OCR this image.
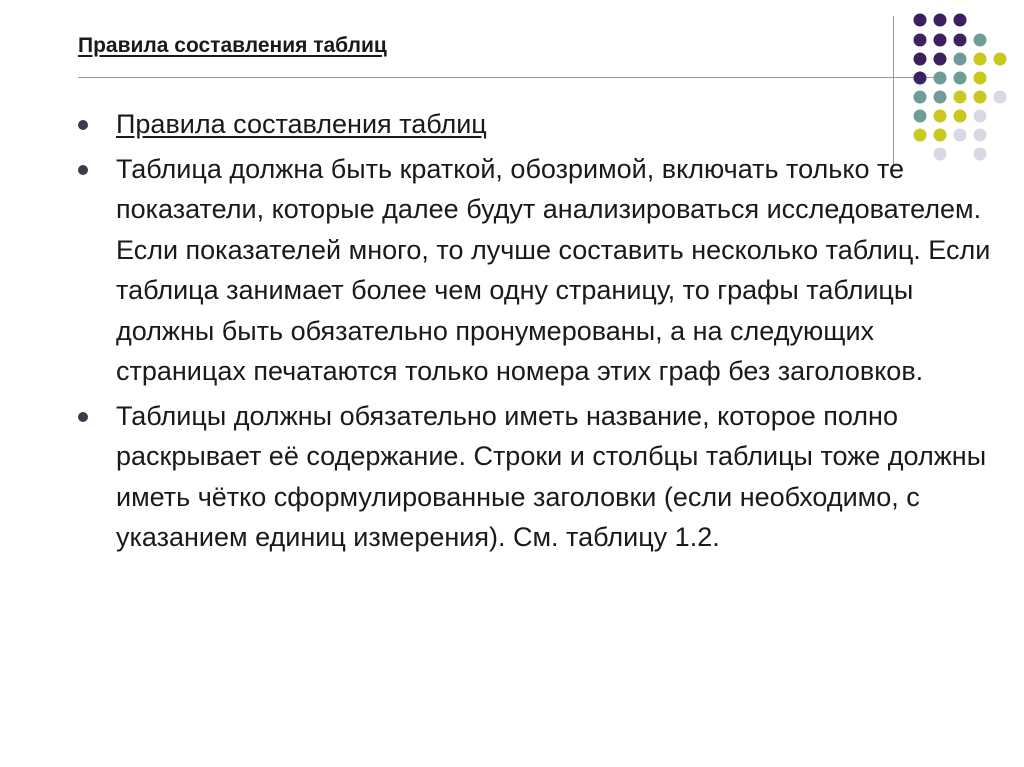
Правила составления таблиц
Правила составления таблиц
Таблица должна быть краткой, обозримой, включать только те показатели, которые далее будут анализироваться исследователем. Если показателей много, то лучше составить несколько таблиц. Если таблица занимает более чем одну страницу, то графы таблицы должны быть обязательно пронумерованы, а на следующих страницах печатаются только номера этих граф без заголовков.
Таблицы должны обязательно иметь название, которое полно раскрывает её содержание. Строки и столбцы таблицы тоже должны иметь чётко сформулированные заголовки (если необходимо, с указанием единиц измерения). См. таблицу 1.2.
